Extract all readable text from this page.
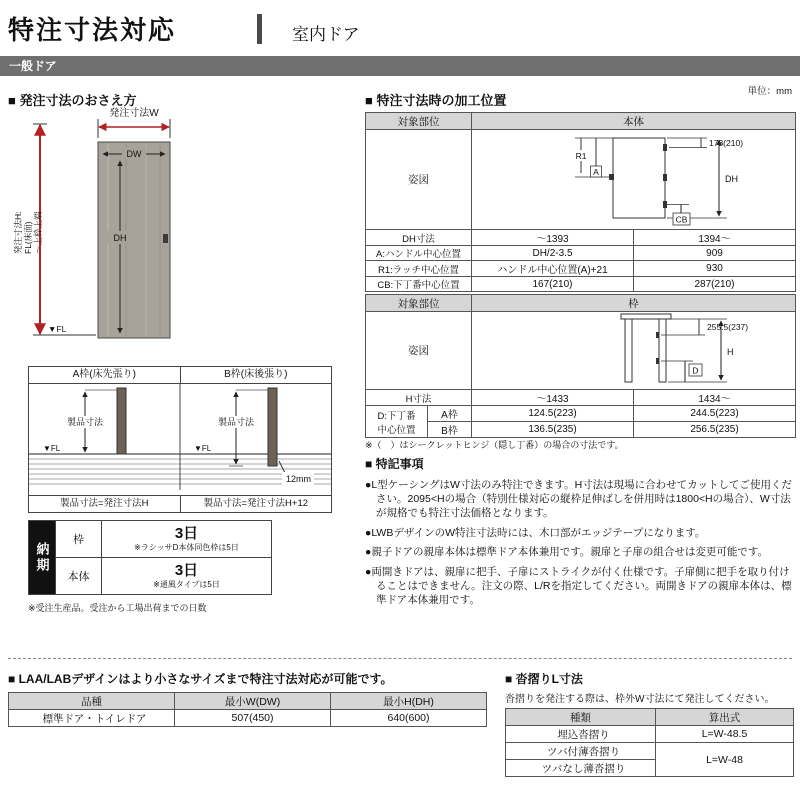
特注寸法対応	室内ドア
一般ドア
■ 発注寸法のおさえ方
発注寸法W
DW
DH
▼FL
発注寸法H: FL(床面) ～上枠上端
A枠(床先張り)	B枠(床後張り)
製品寸法
▼FL
製品寸法
▼FL
12mm
製品寸法=発注寸法H	製品寸法=発注寸法H+12
納期	枠	3日
※ラシッサD本体同色枠は5日

	本体	3日
※通風タイプは5日
※受注生産品。受注から工場出荷までの日数
単位：mm
■ 特注寸法時の加工位置
対象部位	本体	
姿図	173(210)
DH
R1
A
CB	

DH寸法	～1393	1394～
A:ハンドル中心位置	DH/2-3.5	909
R1:ラッチ中心位置	ハンドル中心位置(A)+21	930
CB:下丁番中心位置	167(210)	287(210)
対象部位		枠	
姿図		255.5(237)
H
D	

H寸法		～1433	1434～

D:下丁番
中心位置	A枠	124.5(223)	244.5(223)
	B枠	136.5(235)	256.5(235)
※（　）はシークレットヒンジ（隠し丁番）の場合の寸法です。
■ 特記事項
●L型ケーシングはW寸法のみ特注できます。H寸法は現場に合わせてカットしてご使用ください。2095<Hの場合（特別仕様対応の縦枠足伸ばしを併用時は1800<Hの場合）、W寸法が規格でも特注寸法価格となります。
●LWBデザインのW特注寸法時には、木口部がエッジテープになります。
●親子ドアの親扉本体は標準ドア本体兼用です。親扉と子扉の組合せは変更可能です。
●両開きドアは、親扉に把手、子扉にストライクが付く仕様です。子扉側に把手を取り付けることはできません。注文の際、L/Rを指定してください。両開きドアの親扉本体は、標準ドア本体兼用です。
■ LAA/LABデザインはより小さなサイズまで特注寸法対応が可能です。
品種	最小W(DW)	最小H(DH)
標準ドア・トイレドア	507(450)	640(600)
■ 沓摺りL寸法
沓摺りを発注する際は、枠外W寸法にて発注してください。
種類	算出式
埋込沓摺り	L=W-48.5
ツバ付薄沓摺り	L=W-48
ツバなし薄沓摺り	
